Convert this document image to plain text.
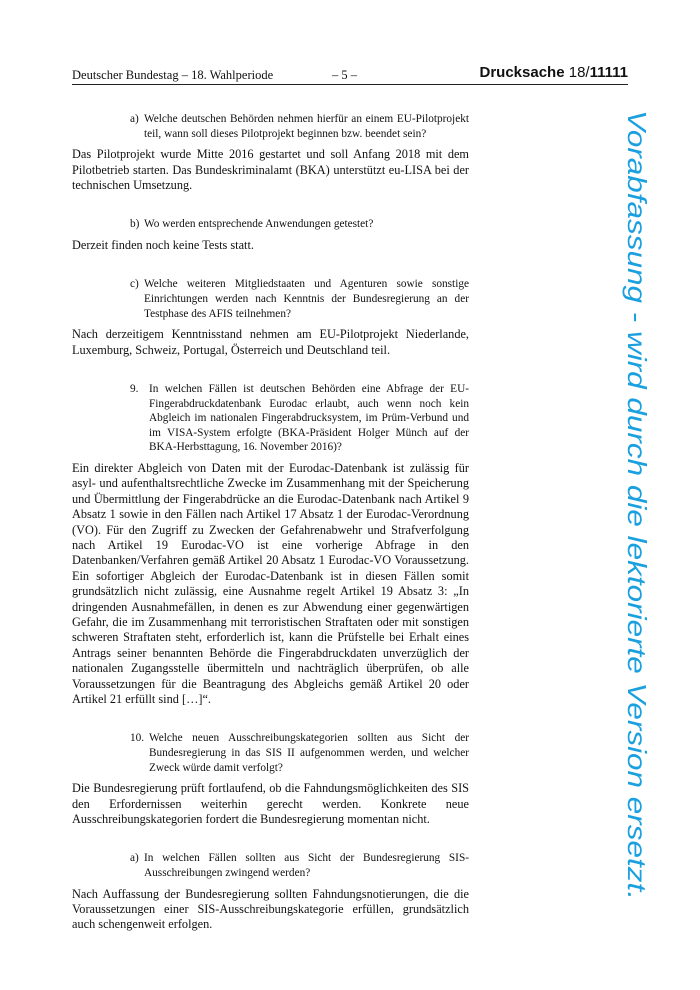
Deutscher Bundestag – 18. Wahlperiode	– 5 –	Drucksache 18/11111
a) Welche deutschen Behörden nehmen hierfür an einem EU-Pilotprojekt teil, wann soll dieses Pilotprojekt beginnen bzw. beendet sein?
Das Pilotprojekt wurde Mitte 2016 gestartet und soll Anfang 2018 mit dem Pilotbetrieb starten. Das Bundeskriminalamt (BKA) unterstützt eu-LISA bei der technischen Umsetzung.
b) Wo werden entsprechende Anwendungen getestet?
Derzeit finden noch keine Tests statt.
c) Welche weiteren Mitgliedstaaten und Agenturen sowie sonstige Einrichtungen werden nach Kenntnis der Bundesregierung an der Testphase des AFIS teilnehmen?
Nach derzeitigem Kenntnisstand nehmen am EU-Pilotprojekt Niederlande, Luxemburg, Schweiz, Portugal, Österreich und Deutschland teil.
9. In welchen Fällen ist deutschen Behörden eine Abfrage der EU-Fingerabdruckdatenbank Eurodac erlaubt, auch wenn noch kein Abgleich im nationalen Fingerabdrucksystem, im Prüm-Verbund und im VISA-System erfolgte (BKA-Präsident Holger Münch auf der BKA-Herbsttagung, 16. November 2016)?
Ein direkter Abgleich von Daten mit der Eurodac-Datenbank ist zulässig für asyl- und aufenthaltsrechtliche Zwecke im Zusammenhang mit der Speicherung und Übermittlung der Fingerabdrücke an die Eurodac-Datenbank nach Artikel 9 Absatz 1 sowie in den Fällen nach Artikel 17 Absatz 1 der Eurodac-Verordnung (VO). Für den Zugriff zu Zwecken der Gefahrenabwehr und Strafverfolgung nach Artikel 19 Eurodac-VO ist eine vorherige Abfrage in den Datenbanken/Verfahren gemäß Artikel 20 Absatz 1 Eurodac-VO Voraussetzung. Ein sofortiger Abgleich der Eurodac-Datenbank ist in diesen Fällen somit grundsätzlich nicht zulässig, eine Ausnahme regelt Artikel 19 Absatz 3: „In dringenden Ausnahmefällen, in denen es zur Abwendung einer gegenwärtigen Gefahr, die im Zusammenhang mit terroristischen Straftaten oder mit sonstigen schweren Straftaten steht, erforderlich ist, kann die Prüfstelle bei Erhalt eines Antrags seiner benannten Behörde die Fingerabdruckdaten unverzüglich der nationalen Zugangsstelle übermitteln und nachträglich überprüfen, ob alle Voraussetzungen für die Beantragung des Abgleichs gemäß Artikel 20 oder Artikel 21 erfüllt sind […]“.
10. Welche neuen Ausschreibungskategorien sollten aus Sicht der Bundesregierung in das SIS II aufgenommen werden, und welcher Zweck würde damit verfolgt?
Die Bundesregierung prüft fortlaufend, ob die Fahndungsmöglichkeiten des SIS den Erfordernissen weiterhin gerecht werden. Konkrete neue Ausschreibungskategorien fordert die Bundesregierung momentan nicht.
a) In welchen Fällen sollten aus Sicht der Bundesregierung SIS-Ausschreibungen zwingend werden?
Nach Auffassung der Bundesregierung sollten Fahndungsnotierungen, die die Voraussetzungen einer SIS-Ausschreibungskategorie erfüllen, grundsätzlich auch schengenweit erfolgen.
Vorabfassung - wird durch die lektorierte Version ersetzt.
